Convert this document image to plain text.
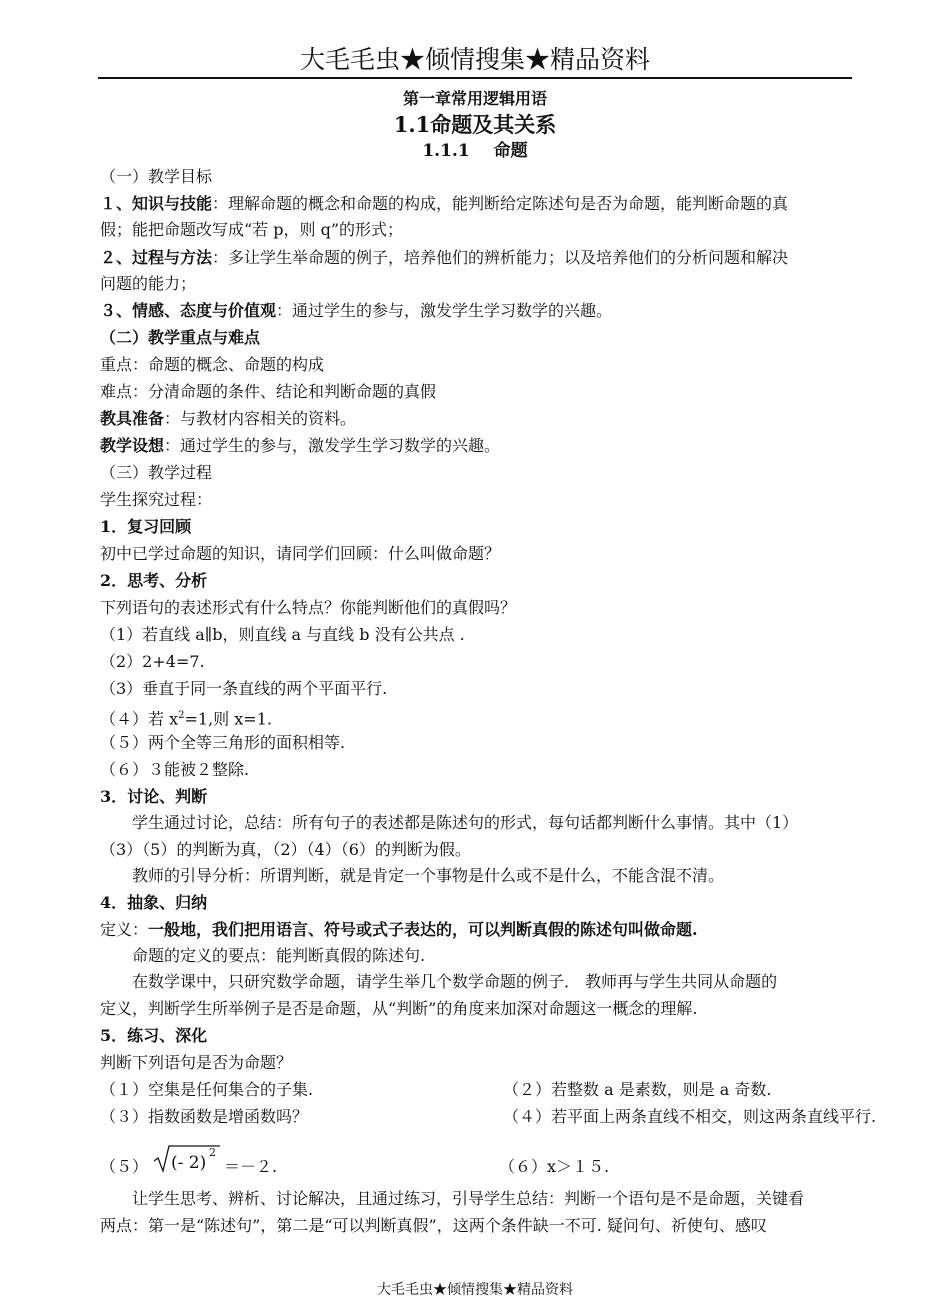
大毛毛虫★倾情搜集★精品资料
第一章常用逻辑用语
1.1命题及其关系
1.1.1 命题
（一）教学目标
１、知识与技能：理解命题的概念和命题的构成，能判断给定陈述句是否为命题，能判断命题的真
假；能把命题改写成“若 p，则 q”的形式；
２、过程与方法：多让学生举命题的例子，培养他们的辨析能力；以及培养他们的分析问题和解决
问题的能力；
３、情感、态度与价值观：通过学生的参与，激发学生学习数学的兴趣。
（二）教学重点与难点
重点：命题的概念、命题的构成
难点：分清命题的条件、结论和判断命题的真假
教具准备：与教材内容相关的资料。
教学设想：通过学生的参与，激发学生学习数学的兴趣。
（三）教学过程
学生探究过程：
1．复习回顾
初中已学过命题的知识，请同学们回顾：什么叫做命题？
2．思考、分析
下列语句的表述形式有什么特点？你能判断他们的真假吗？
（1）若直线 a∥b，则直线 a 与直线 b 没有公共点 .
（2）2+4=7.
（3）垂直于同一条直线的两个平面平行.
（４）若 $x^2=1$,则 x=1.
（５）两个全等三角形的面积相等.
（６）３能被２整除.
3．讨论、判断
学生通过讨论，总结：所有句子的表述都是陈述句的形式，每句话都判断什么事情。其中（1）
（3）（5）的判断为真，（2）（4）（6）的判断为假。
教师的引导分析：所谓判断，就是肯定一个事物是什么或不是什么，不能含混不清。
4．抽象、归纳
定义：一般地，我们把用语言、符号或式子表达的，可以判断真假的陈述句叫做命题.
命题的定义的要点：能判断真假的陈述句.
在数学课中，只研究数学命题，请学生举几个数学命题的例子． 教师再与学生共同从命题的
定义，判断学生所举例子是否是命题，从“判断”的角度来加深对命题这一概念的理解.
5．练习、深化
判断下列语句是否为命题？
（１）空集是任何集合的子集.	（２）若整数 a 是素数，则是 a 奇数.
（３）指数函数是增函数吗？	（４）若平面上两条直线不相交，则这两条直线平行.
（５） (- 2)
2
＝－２.	（６）x＞１５.
让学生思考、辨析、讨论解决，且通过练习，引导学生总结：判断一个语句是不是命题，关键看
两点：第一是“陈述句”，第二是“可以判断真假”，这两个条件缺一不可. 疑问句、祈使句、感叹
大毛毛虫★倾情搜集★精品资料
